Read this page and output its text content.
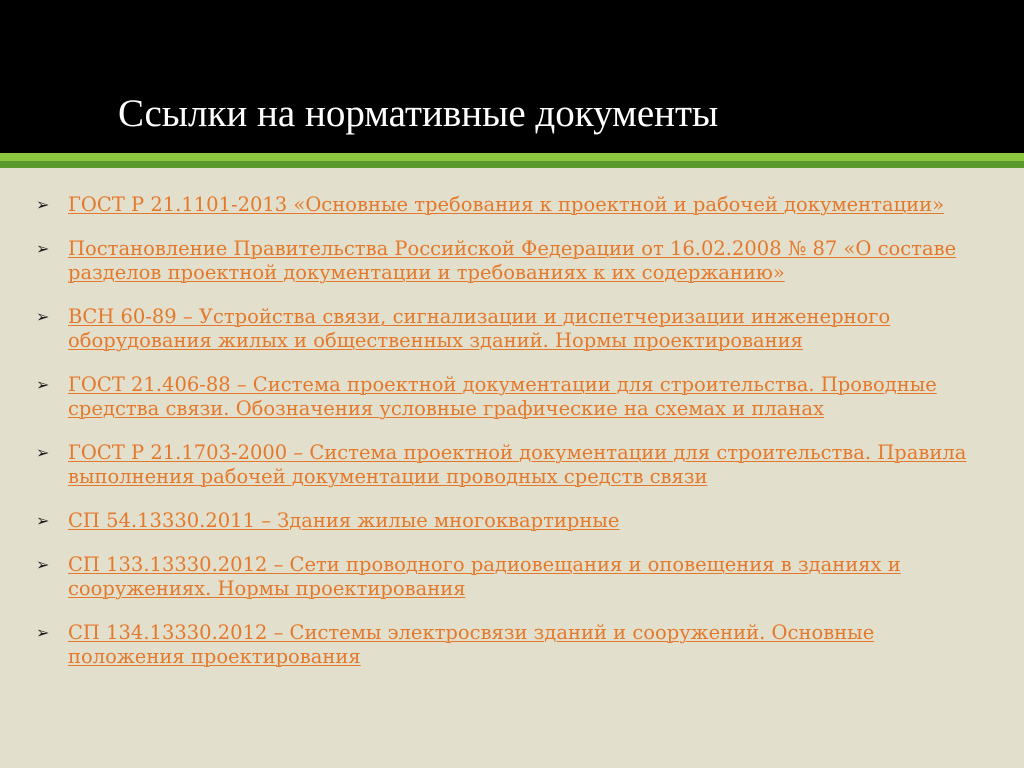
Ссылки на нормативные документы
➢ ГОСТ Р 21.1101-2013 «Основные требования к проектной и рабочей документации»
➢ Постановление Правительства Российской Федерации от 16.02.2008 № 87 «О составе разделов проектной документации и требованиях к их содержанию»
➢ ВСН 60-89 – Устройства связи, сигнализации и диспетчеризации инженерного оборудования жилых и общественных зданий. Нормы проектирования
➢ ГОСТ 21.406-88 – Система проектной документации для строительства. Проводные средства связи. Обозначения условные графические на схемах и планах
➢ ГОСТ Р 21.1703-2000 – Система проектной документации для строительства. Правила выполнения рабочей документации проводных средств связи
➢ СП 54.13330.2011 – Здания жилые многоквартирные
➢ СП 133.13330.2012 – Сети проводного радиовещания и оповещения в зданиях и сооружениях. Нормы проектирования
➢ СП 134.13330.2012 – Системы электросвязи зданий и сооружений. Основные положения проектирования
